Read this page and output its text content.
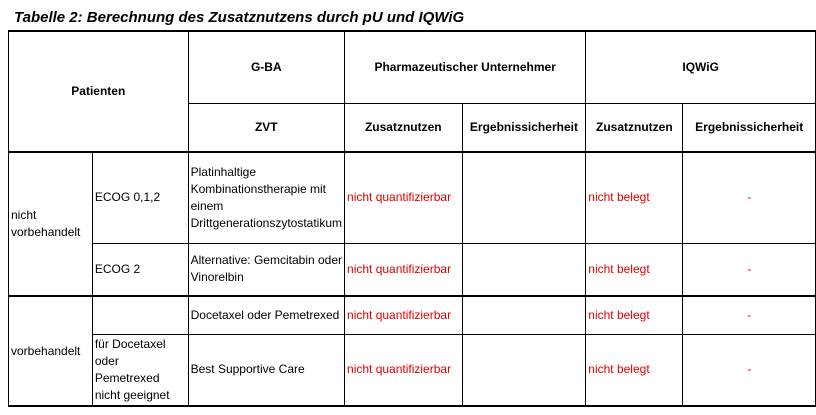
Tabelle 2: Berechnung des Zusatznutzens durch pU und IQWiG
Patienten		G-BA	Pharmazeutischer Unternehmer		IQWiG	
		ZVT	Zusatznutzen	Ergebnissicherheit	Zusatznutzen	Ergebnissicherheit
nicht vorbehandelt	ECOG 0,1,2	Platinhaltige Kombinationstherapie mit einem Drittgenerationszytostatikum	nicht quantifizierbar		nicht belegt	-
	ECOG 2	Alternative: Gemcitabin oder Vinorelbin	nicht quantifizierbar		nicht belegt	-
vorbehandelt		Docetaxel oder Pemetrexed	nicht quantifizierbar		nicht belegt	-
	für Docetaxel oder Pemetrexed nicht geeignet	Best Supportive Care	nicht quantifizierbar		nicht belegt	-
